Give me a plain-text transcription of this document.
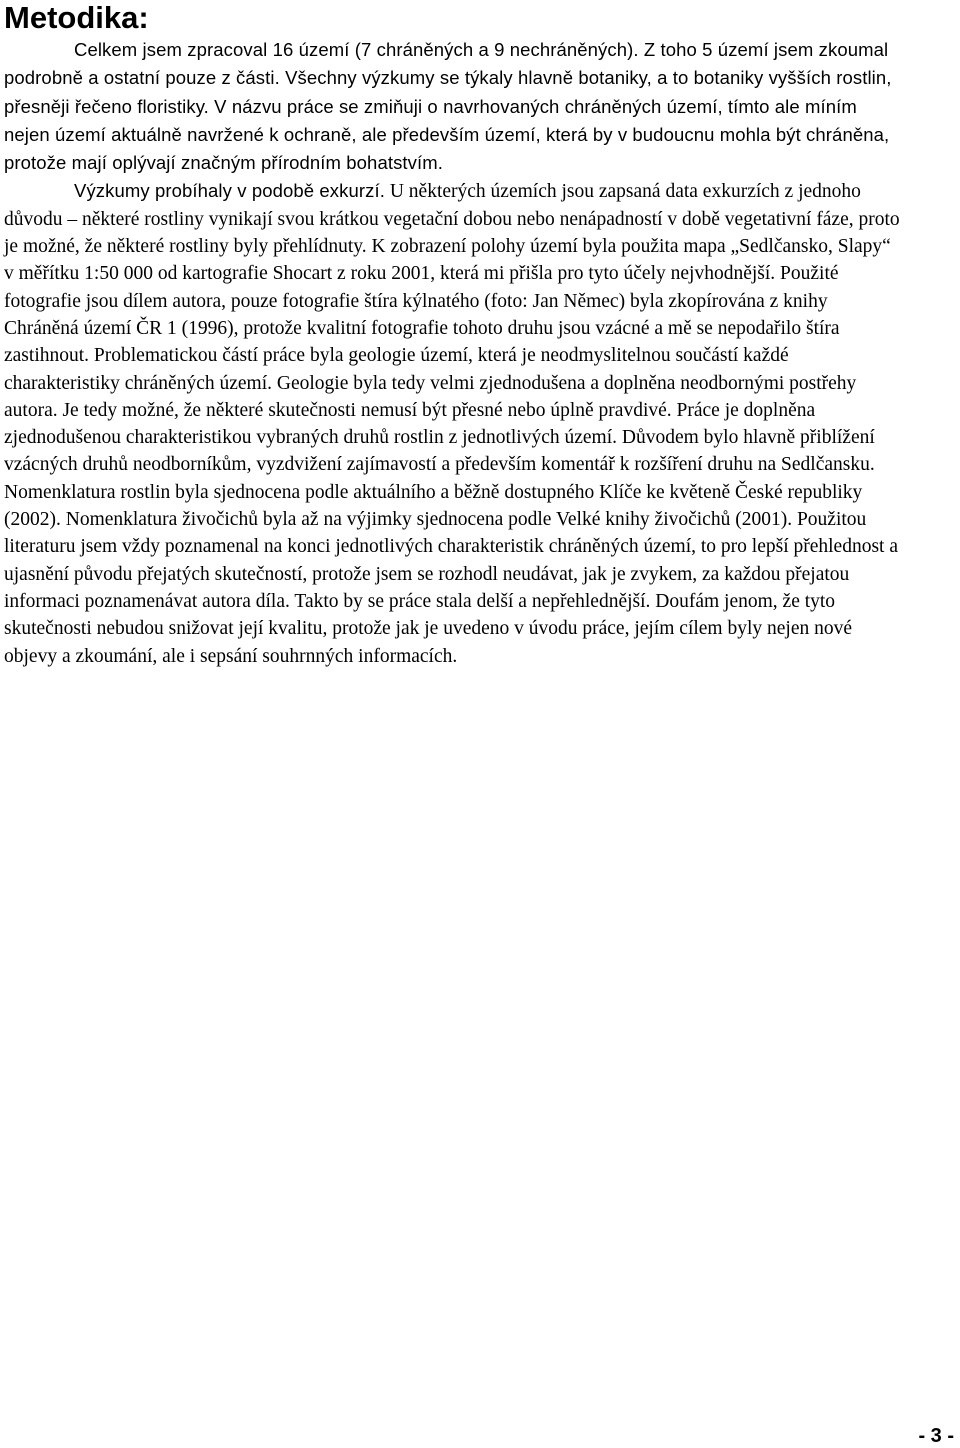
Metodika:

Celkem jsem zpracoval 16 území (7 chráněných a 9 nechráněných). Z toho 5 území jsem zkoumal podrobně a ostatní pouze z části. Všechny výzkumy se týkaly hlavně botaniky, a to botaniky vyšších rostlin, přesněji řečeno floristiky. V názvu práce se zmiňuji o navrhovaných chráněných území, tímto ale míním nejen území aktuálně navržené k ochraně, ale především území, která by v budoucnu mohla být chráněna, protože mají oplývají značným přírodním bohatstvím.

Výzkumy probíhaly v podobě exkurzí. U některých územích jsou zapsaná data exkurzích z jednoho důvodu – některé rostliny vynikají svou krátkou vegetační dobou nebo nenápadností v době vegetativní fáze, proto je možné, že některé rostliny byly přehlídnuty. K zobrazení polohy území byla použita mapa „Sedlčansko, Slapy“ v měřítku 1:50 000 od kartografie Shocart z roku 2001, která mi přišla pro tyto účely nejvhodnější. Použité fotografie jsou dílem autora, pouze fotografie štíra kýlnatého (foto: Jan Němec) byla zkopírována z knihy Chráněná území ČR 1 (1996), protože kvalitní fotografie tohoto druhu jsou vzácné a mě se nepodařilo štíra zastihnout. Problematickou částí práce byla geologie území, která je neodmyslitelnou součástí každé charakteristiky chráněných území. Geologie byla tedy velmi zjednodušena a doplněna neodbornými postřehy autora. Je tedy možné, že některé skutečnosti nemusí být přesné nebo úplně pravdivé. Práce je doplněna zjednodušenou charakteristikou vybraných druhů rostlin z jednotlivých území. Důvodem bylo hlavně přiblížení vzácných druhů neodborníkům, vyzdvižení zajímavostí a především komentář k rozšíření druhu na Sedlčansku. Nomenklatura rostlin byla sjednocena podle aktuálního a běžně dostupného Klíče ke květeně České republiky (2002). Nomenklatura živočichů byla až na výjimky sjednocena podle Velké knihy živočichů (2001). Použitou literaturu jsem vždy poznamenal na konci jednotlivých charakteristik chráněných území, to pro lepší přehlednost a ujasnění původu přejatých skutečností, protože jsem se rozhodl neudávat, jak je zvykem, za každou přejatou informaci poznamenávat autora díla. Takto by se práce stala delší a nepřehlednější. Doufám jenom, že tyto skutečnosti nebudou snižovat její kvalitu, protože jak je uvedeno v úvodu práce, jejím cílem byly nejen nové objevy a zkoumání, ale i sepsání souhrnných informacích.

- 3 -
